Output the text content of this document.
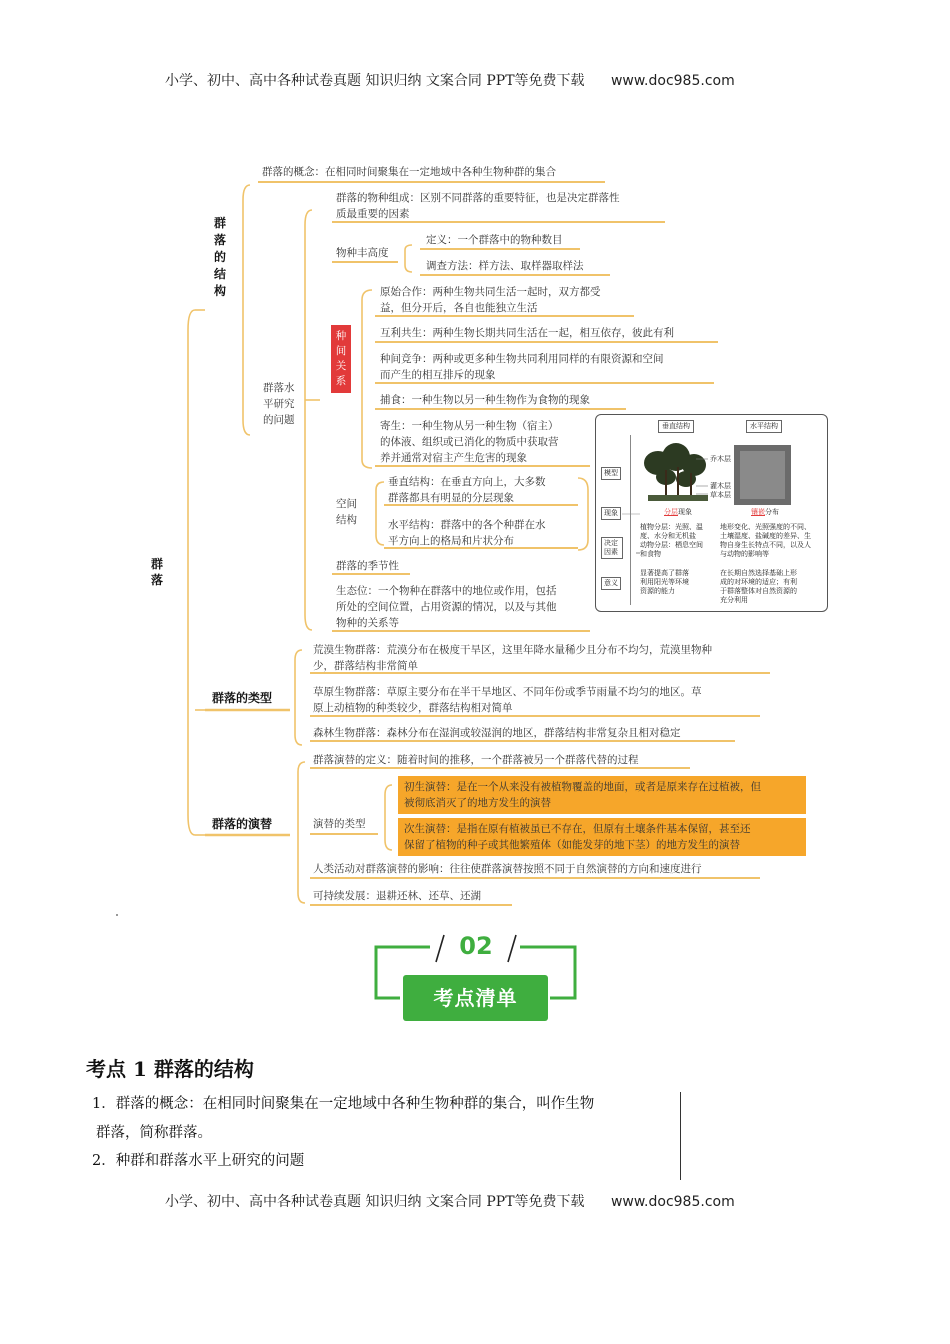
小学、初中、高中各种试卷真题 知识归纳 文案合同 PPT等免费下载 www.doc985.com
群
落
群
落
的
结
构
群落的类型
群落的演替
群落的概念：在相同时间聚集在一定地域中各种生物种群的集合
群落的物种组成：区别不同群落的重要特征，也是决定群落性
质最重要的因素
物种丰高度
定义：一个群落中的物种数目
调查方法：样方法、取样器取样法
群落水
平研究
的问题
种
间
关
系
原始合作：两种生物共同生活一起时，双方都受
益，但分开后，各自也能独立生活
互利共生：两种生物长期共同生活在一起，相互依存，彼此有利
种间竞争：两种或更多种生物共同利用同样的有限资源和空间
而产生的相互排斥的现象
捕食：一种生物以另一种生物作为食物的现象
寄生：一种生物从另一种生物（宿主）
的体液、组织或已消化的物质中获取营
养并通常对宿主产生危害的现象
空间
结构
垂直结构：在垂直方向上，大多数
群落都具有明显的分层现象
水平结构：群落中的各个种群在水
平方向上的格局和片状分布
群落的季节性
生态位：一个物种在群落中的地位或作用，包括
所处的空间位置，占用资源的情况，以及与其他
物种的关系等
荒漠生物群落：荒漠分布在极度干旱区，这里年降水量稀少且分布不均匀，荒漠里物种
少，群落结构非常简单
草原生物群落：草原主要分布在半干旱地区、不同年份或季节雨量不均匀的地区。草
原上动植物的种类较少，群落结构相对简单
森林生物群落：森林分布在湿润或较湿润的地区，群落结构非常复杂且相对稳定
群落演替的定义：随着时间的推移，一个群落被另一个群落代替的过程
演替的类型
初生演替：是在一个从来没有被植物覆盖的地面，或者是原来存在过植被，但
被彻底消灭了的地方发生的演替
次生演替：是指在原有植被虽已不存在，但原有土壤条件基本保留，甚至还
保留了植物的种子或其他繁殖体（如能发芽的地下茎）的地方发生的演替
人类活动对群落演替的影响：往往使群落演替按照不同于自然演替的方向和速度进行
可持续发展：退耕还林、还草、还湖
垂直结构	水平结构
模型
现象
决定因素
意义
乔木层
灌木层
草本层
分层现象	镶嵌分布
植物分层：光照、温
度、水分和无机盐
动物分层：栖息空间
和食物
地形变化、光照强度的不同、
土壤湿度、盐碱度的差异、生
物自身生长特点不同，以及人
与动物的影响等
显著提高了群落
利用阳光等环境
资源的能力
在长期自然选择基础上形
成的对环境的适应；有利
于群落整体对自然资源的
充分利用
02
考点清单
考点 1 群落的结构
1．群落的概念：在相同时间聚集在一定地域中各种生物种群的集合，叫作生物
群落，简称群落。
2．种群和群落水平上研究的问题
小学、初中、高中各种试卷真题 知识归纳 文案合同 PPT等免费下载 www.doc985.com
